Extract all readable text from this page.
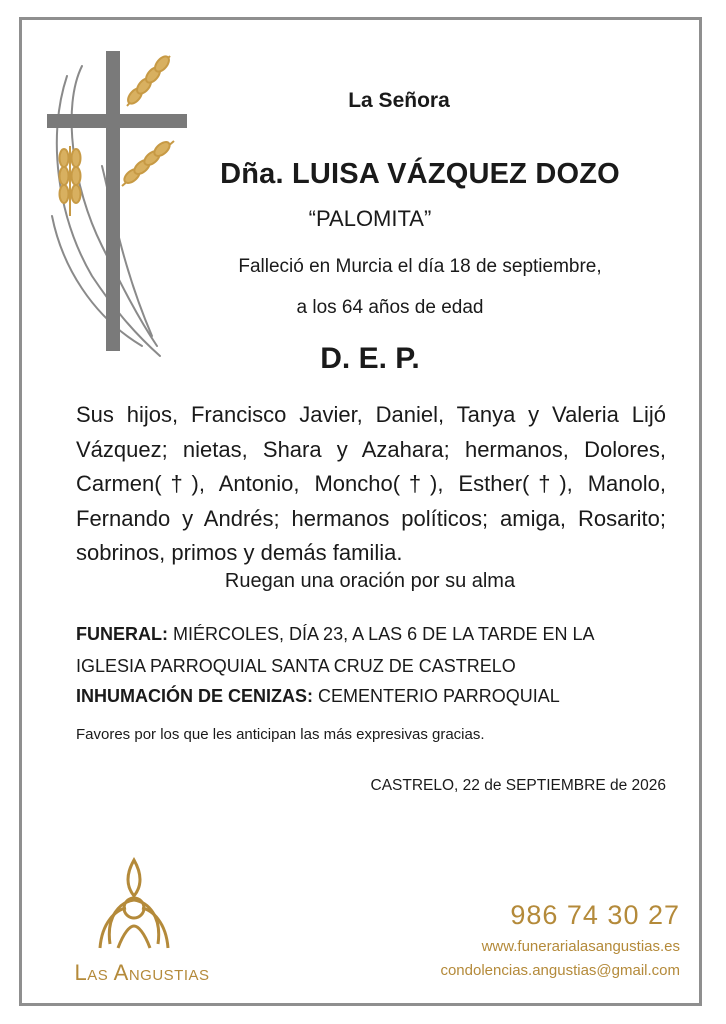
La Señora
Dña. LUISA VÁZQUEZ DOZO
“PALOMITA”
Falleció en Murcia el día 18 de septiembre,
a los 64 años de edad
D. E. P.
Sus hijos, Francisco Javier, Daniel, Tanya y Valeria Lijó Vázquez; nietas, Shara y Azahara; hermanos, Dolores, Carmen(†), Antonio, Moncho(†), Esther(†), Manolo, Fernando y Andrés; hermanos políticos; amiga, Rosarito; sobrinos, primos y demás familia.
Ruegan una oración por su alma
FUNERAL: MIÉRCOLES, DÍA 23, A LAS 6 DE LA TARDE EN LA IGLESIA PARROQUIAL SANTA CRUZ DE CASTRELO
INHUMACIÓN DE CENIZAS: CEMENTERIO PARROQUIAL
Favores por los que les anticipan las más expresivas gracias.
CASTRELO, 22 de SEPTIEMBRE de 2026
Las Angustias
986 74 30 27
www.funerarialasangustias.es
condolencias.angustias@gmail.com
